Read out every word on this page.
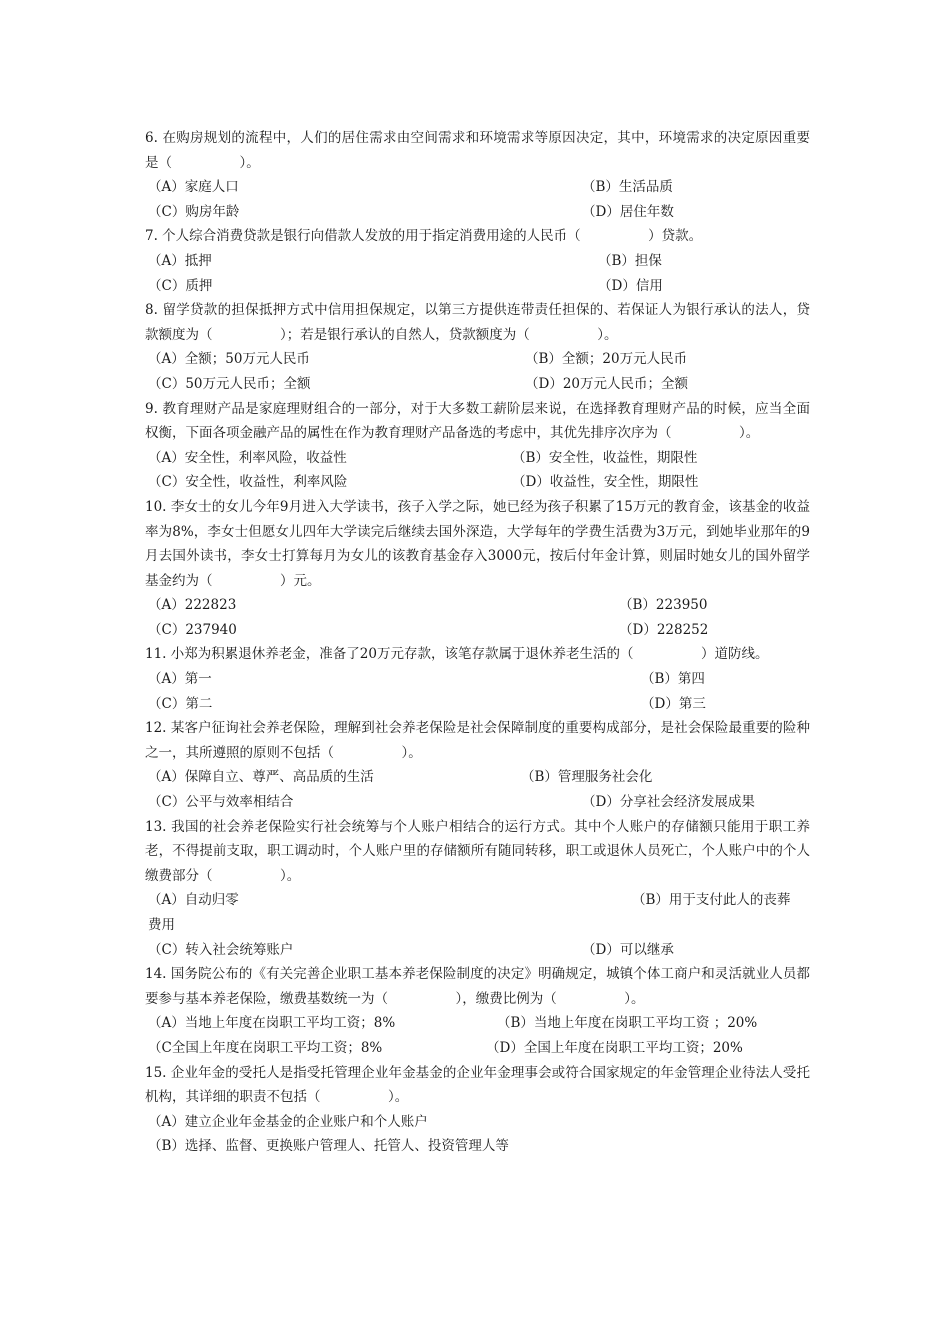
6. 在购房规划的流程中，人们的居住需求由空间需求和环境需求等原因决定，其中，环境需求的决定原因重要是（　　　　　）。

（A）家庭人口	（B）生活品质
（C）购房年龄	（D）居住年数

7. 个人综合消费贷款是银行向借款人发放的用于指定消费用途的人民币（　　　　　）贷款。

（A）抵押	（B）担保
（C）质押	（D）信用

8. 留学贷款的担保抵押方式中信用担保规定，以第三方提供连带责任担保的、若保证人为银行承认的法人，贷款额度为（　　　　　）；若是银行承认的自然人，贷款额度为（　　　　　）。

（A）全额；50万元人民币	（B）全额；20万元人民币
（C）50万元人民币；全额	（D）20万元人民币；全额

9. 教育理财产品是家庭理财组合的一部分，对于大多数工薪阶层来说，在选择教育理财产品的时候，应当全面权衡，下面各项金融产品的属性在作为教育理财产品备选的考虑中，其优先排序次序为（　　　　　）。

（A）安全性，利率风险，收益性	（B）安全性，收益性，期限性
（C）安全性，收益性，利率风险	（D）收益性，安全性，期限性

10. 李女士的女儿今年9月进入大学读书，孩子入学之际，她已经为孩子积累了15万元的教育金，该基金的收益率为8%，李女士但愿女儿四年大学读完后继续去国外深造，大学每年的学费生活费为3万元，到她毕业那年的9月去国外读书，李女士打算每月为女儿的该教育基金存入3000元，按后付年金计算，则届时她女儿的国外留学基金约为（　　　　　）元。

（A）222823	（B）223950
（C）237940	（D）228252

11. 小郑为积累退休养老金，准备了20万元存款，该笔存款属于退休养老生活的（　　　　　）道防线。

（A）第一	（B）第四
（C）第二	（D）第三

12. 某客户征询社会养老保险，理解到社会养老保险是社会保障制度的重要构成部分，是社会保险最重要的险种之一，其所遵照的原则不包括（　　　　　）。

（A）保障自立、尊严、高品质的生活	（B）管理服务社会化
（C）公平与效率相结合	（D）分享社会经济发展成果

13. 我国的社会养老保险实行社会统筹与个人账户相结合的运行方式。其中个人账户的存储额只能用于职工养老，不得提前支取，职工调动时，个人账户里的存储额所有随同转移，职工或退休人员死亡，个人账户中的个人缴费部分（　　　　　）。

（A）自动归零	（B）用于支付此人的丧葬
费用
（C）转入社会统筹账户	（D）可以继承

14. 国务院公布的《有关完善企业职工基本养老保险制度的决定》明确规定，城镇个体工商户和灵活就业人员都要参与基本养老保险，缴费基数统一为（　　　　　），缴费比例为（　　　　　）。

（A）当地上年度在岗职工平均工资；8%	（B）当地上年度在岗职工平均工资 ；20%
（C全国上年度在岗职工平均工资；8%	（D）全国上年度在岗职工平均工资；20%

15. 企业年金的受托人是指受托管理企业年金基金的企业年金理事会或符合国家规定的年金管理企业待法人受托机构，其详细的职责不包括（　　　　　）。

（A）建立企业年金基金的企业账户和个人账户

（B）选择、监督、更换账户管理人、托管人、投资管理人等
